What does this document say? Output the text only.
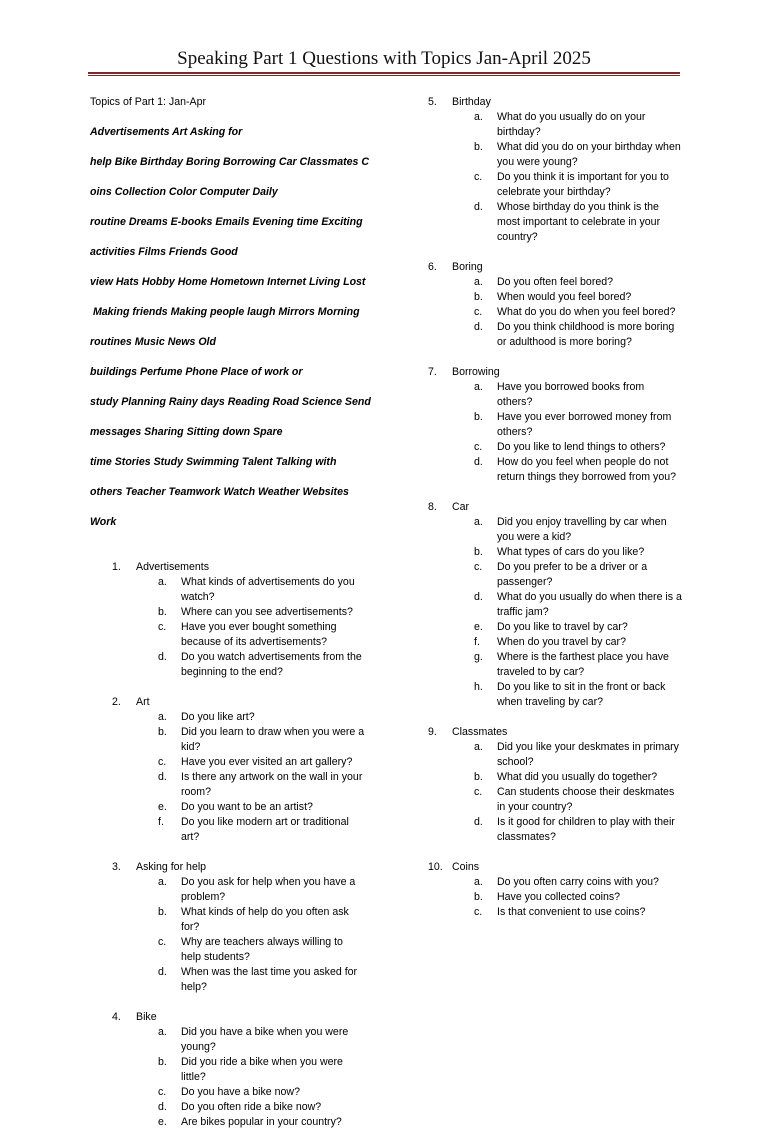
Speaking Part 1 Questions with Topics Jan-April 2025

Topics of Part 1: Jan-Apr

Advertisements Art Asking for

help Bike Birthday Boring Borrowing Car Classmates C

oins Collection Color Computer Daily

routine Dreams E-books Emails Evening time Exciting

activities Films Friends Good

view Hats Hobby Home Hometown Internet Living Lost

Making friends Making people laugh Mirrors Morning

routines Music News Old

buildings Perfume Phone Place of work or

study Planning Rainy days Reading Road Science Send

messages Sharing Sitting down Spare

time Stories Study Swimming Talent Talking with

others Teacher Teamwork Watch Weather Websites

Work

1.	Advertisements
a.	What kinds of advertisements do you watch?
b.	Where can you see advertisements?
c.	Have you ever bought something because of its advertisements?
d.	Do you watch advertisements from the beginning to the end?
2.	Art
a.	Do you like art?
b.	Did you learn to draw when you were a kid?
c.	Have you ever visited an art gallery?
d.	Is there any artwork on the wall in your room?
e.	Do you want to be an artist?
f.	Do you like modern art or traditional art?
3.	Asking for help
a.	Do you ask for help when you have a problem?
b.	What kinds of help do you often ask for?
c.	Why are teachers always willing to help students?
d.	When was the last time you asked for help?
4.	Bike
a.	Did you have a bike when you were young?
b.	Did you ride a bike when you were little?
c.	Do you have a bike now?
d.	Do you often ride a bike now?
e.	Are bikes popular in your country?
5.	Birthday
a.	What do you usually do on your birthday?
b.	What did you do on your birthday when you were young?
c.	Do you think it is important for you to celebrate your birthday?
d.	Whose birthday do you think is the most important to celebrate in your country?
6.	Boring
a.	Do you often feel bored?
b.	When would you feel bored?
c.	What do you do when you feel bored?
d.	Do you think childhood is more boring or adulthood is more boring?
7.	Borrowing
a.	Have you borrowed books from others?
b.	Have you ever borrowed money from others?
c.	Do you like to lend things to others?
d.	How do you feel when people do not return things they borrowed from you?
8.	Car
a.	Did you enjoy travelling by car when you were a kid?
b.	What types of cars do you like?
c.	Do you prefer to be a driver or a passenger?
d.	What do you usually do when there is a traffic jam?
e.	Do you like to travel by car?
f.	When do you travel by car?
g.	Where is the farthest place you have traveled to by car?
h.	Do you like to sit in the front or back when traveling by car?
9.	Classmates
a.	Did you like your deskmates in primary school?
b.	What did you usually do together?
c.	Can students choose their deskmates in your country?
d.	Is it good for children to play with their classmates?
10. Coins
a.	Do you often carry coins with you?
b.	Have you collected coins?
c.	Is that convenient to use coins?
